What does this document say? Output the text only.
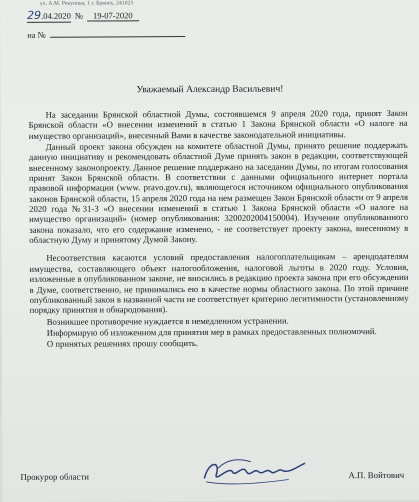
ул. А.М. Рекунова, 1 г. Брянск, 241023
29.04.2020 №	19-07-2020
на №
Уважаемый Александр Васильевич!

На заседании Брянской областной Думы, состоявшемся 9 апреля 2020 года, принят Закон Брянской области «О внесении изменений в статью 1 Закона Брянской области «О налоге на имущество организаций», внесенный Вами в качестве законодательной инициативы.

Данный проект закона обсужден на комитете областной Думы, принято решение поддержать данную инициативу и рекомендовать областной Думе принять закон в редакции, соответствующей внесенному законопроекту. Данное решение поддержано на заседании Думы, по итогам голосования принят Закон Брянской области. В соответствии с данными официального интернет портала правовой информации (www. pravo.gov.ru), являющегося источником официального опубликования законов Брянской области, 15 апреля 2020 года на нем размещен Закон Брянской области от 9 апреля 2020 года №31-З «О внесении изменений в статью 1 Закона Брянской области «О налоге на имущество организаций» (номер опубликования: 3200202004150004). Изучение опубликованного закона показало, что его содержание изменено, - не соответствует проекту закона, внесенному в областную Думу и принятому Думой Закону.

Несоответствия касаются условий предоставления налогоплательщикам – арендодателям имущества, составляющего объект налогообложения, налоговой льготы в 2020 году. Условия, изложенные в опубликованном законе, не вносились в редакцию проекта закона при его обсуждении в Думе, соответственно, не принимались ею в качестве нормы областного закона. По этой причине опубликованный закон в названной части не соответствует критерию легитимности (установленному порядку принятия и обнародования).

Возникшее противоречие нуждается в немедленном устранении.

Информирую об изложенном для принятия мер в рамках предоставленных полномочий.

О принятых решениях прошу сообщить.

Прокурор области	А.П. Войтович
